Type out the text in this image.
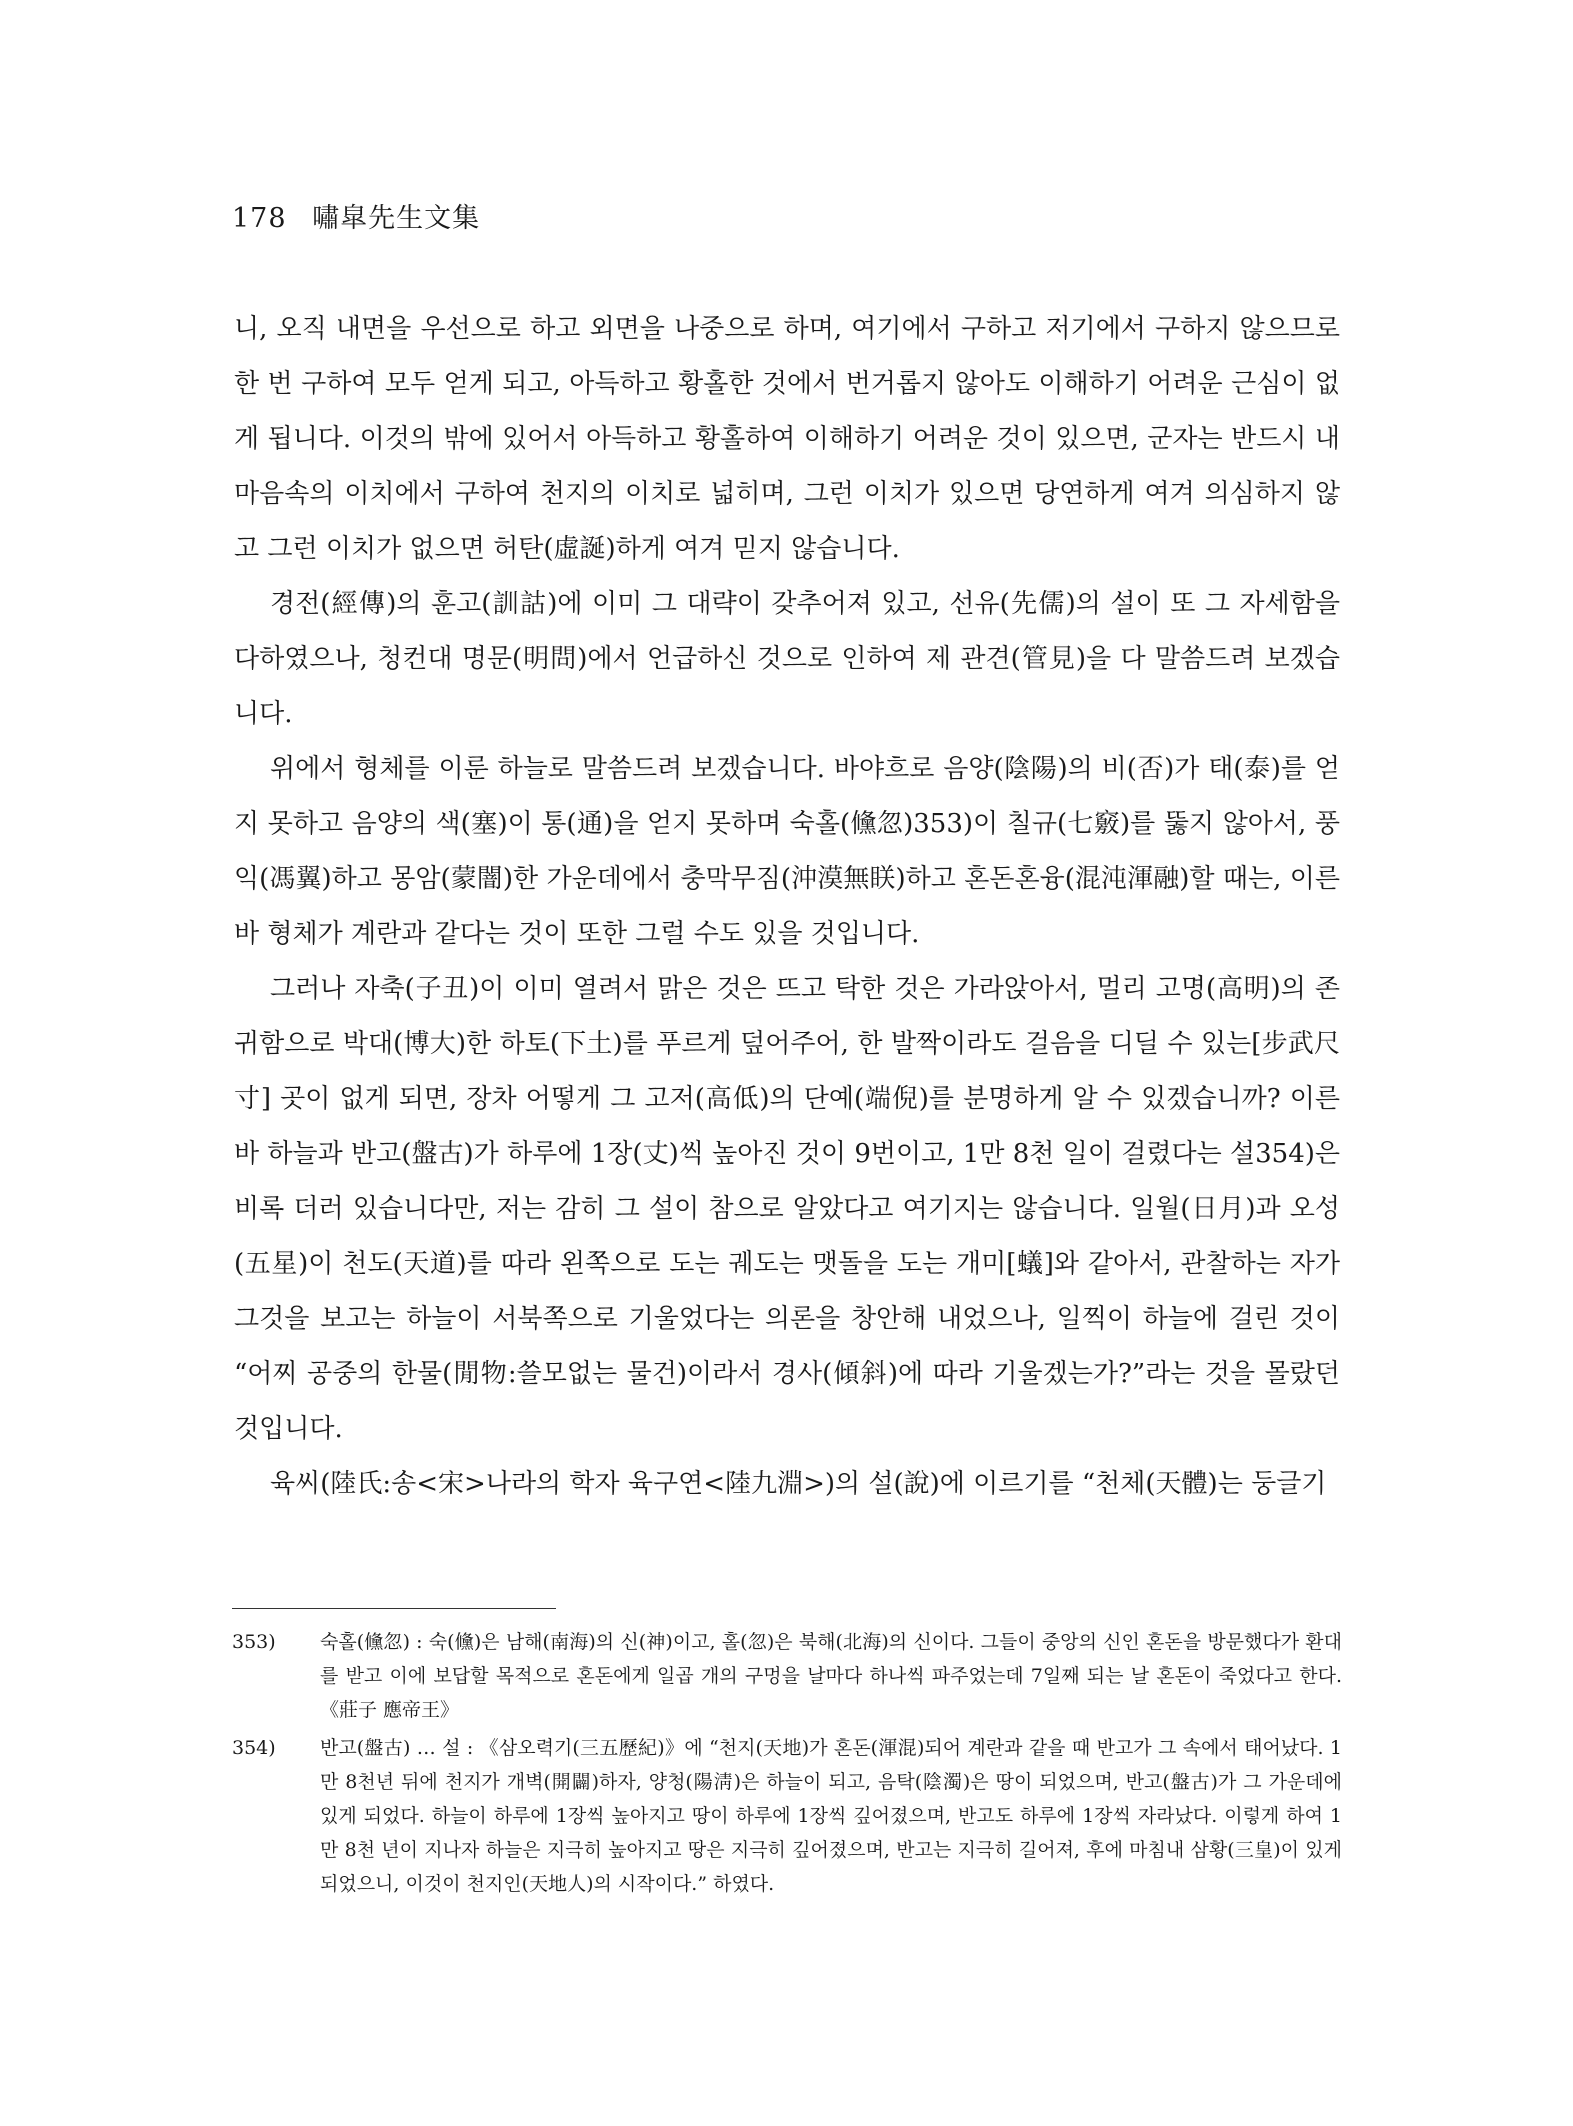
178 嘯皐先生文集

니, 오직 내면을 우선으로 하고 외면을 나중으로 하며, 여기에서 구하고 저기에서 구하지 않으므로 한 번 구하여 모두 얻게 되고, 아득하고 황홀한 것에서 번거롭지 않아도 이해하기 어려운 근심이 없게 됩니다. 이것의 밖에 있어서 아득하고 황홀하여 이해하기 어려운 것이 있으면, 군자는 반드시 내 마음속의 이치에서 구하여 천지의 이치로 넓히며, 그런 이치가 있으면 당연하게 여겨 의심하지 않고 그런 이치가 없으면 허탄(虛誕)하게 여겨 믿지 않습니다.

경전(經傳)의 훈고(訓詁)에 이미 그 대략이 갖추어져 있고, 선유(先儒)의 설이 또 그 자세함을 다하였으나, 청컨대 명문(明問)에서 언급하신 것으로 인하여 제 관견(管見)을 다 말씀드려 보겠습니다.

위에서 형체를 이룬 하늘로 말씀드려 보겠습니다. 바야흐로 음양(陰陽)의 비(否)가 태(泰)를 얻지 못하고 음양의 색(塞)이 통(通)을 얻지 못하며 숙홀(儵忽)353)이 칠규(七竅)를 뚫지 않아서, 풍익(馮翼)하고 몽암(蒙闇)한 가운데에서 충막무짐(沖漠無眹)하고 혼돈혼융(混沌渾融)할 때는, 이른바 형체가 계란과 같다는 것이 또한 그럴 수도 있을 것입니다.

그러나 자축(子丑)이 이미 열려서 맑은 것은 뜨고 탁한 것은 가라앉아서, 멀리 고명(高明)의 존귀함으로 박대(博大)한 하토(下土)를 푸르게 덮어주어, 한 발짝이라도 걸음을 디딜 수 있는[步武尺寸] 곳이 없게 되면, 장차 어떻게 그 고저(高低)의 단예(端倪)를 분명하게 알 수 있겠습니까? 이른바 하늘과 반고(盤古)가 하루에 1장(丈)씩 높아진 것이 9번이고, 1만 8천 일이 걸렸다는 설354)은 비록 더러 있습니다만, 저는 감히 그 설이 참으로 알았다고 여기지는 않습니다. 일월(日月)과 오성(五星)이 천도(天道)를 따라 왼쪽으로 도는 궤도는 맷돌을 도는 개미[蟻]와 같아서, 관찰하는 자가 그것을 보고는 하늘이 서북쪽으로 기울었다는 의론을 창안해 내었으나, 일찍이 하늘에 걸린 것이 “어찌 공중의 한물(閒物:쓸모없는 물건)이라서 경사(傾斜)에 따라 기울겠는가?”라는 것을 몰랐던 것입니다.

육씨(陸氏:송<宋>나라의 학자 육구연<陸九淵>)의 설(說)에 이르기를 “천체(天體)는 둥글기

353) 숙홀(儵忽) : 숙(儵)은 남해(南海)의 신(神)이고, 홀(忽)은 북해(北海)의 신이다. 그들이 중앙의 신인 혼돈을 방문했다가 환대를 받고 이에 보답할 목적으로 혼돈에게 일곱 개의 구멍을 날마다 하나씩 파주었는데 7일째 되는 날 혼돈이 죽었다고 한다. 《莊子 應帝王》
354) 반고(盤古) … 설 : 《삼오력기(三五歷紀)》에 “천지(天地)가 혼돈(渾混)되어 계란과 같을 때 반고가 그 속에서 태어났다. 1만 8천년 뒤에 천지가 개벽(開闢)하자, 양청(陽淸)은 하늘이 되고, 음탁(陰濁)은 땅이 되었으며, 반고(盤古)가 그 가운데에 있게 되었다. 하늘이 하루에 1장씩 높아지고 땅이 하루에 1장씩 깊어졌으며, 반고도 하루에 1장씩 자라났다. 이렇게 하여 1만 8천 년이 지나자 하늘은 지극히 높아지고 땅은 지극히 깊어졌으며, 반고는 지극히 길어져, 후에 마침내 삼황(三皇)이 있게 되었으니, 이것이 천지인(天地人)의 시작이다.” 하였다.
